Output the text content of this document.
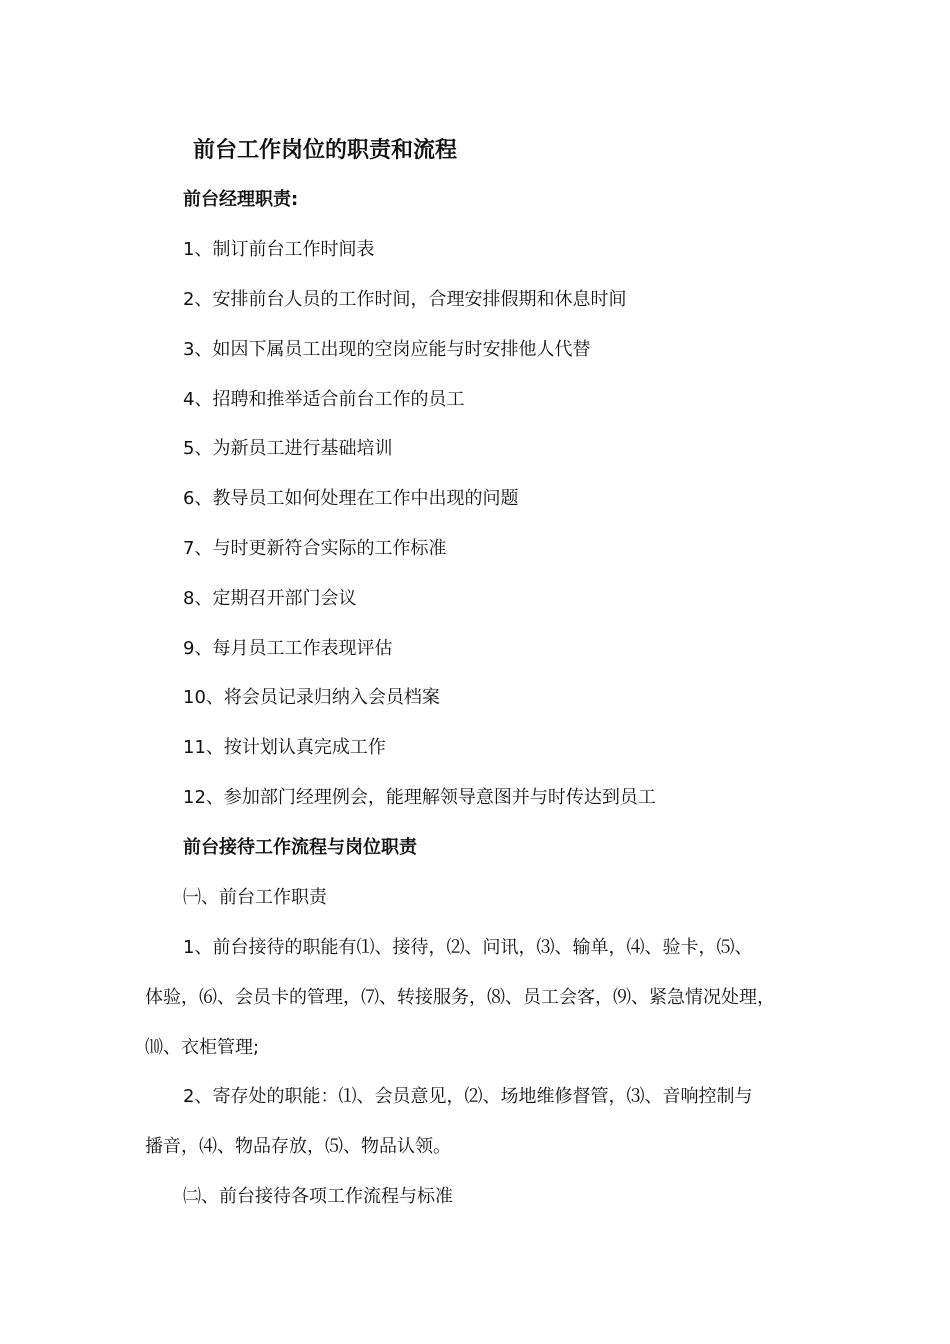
前台工作岗位的职责和流程
前台经理职责:
1、制订前台工作时间表
2、安排前台人员的工作时间，合理安排假期和休息时间
3、如因下属员工出现的空岗应能与时安排他人代替
4、招聘和推举适合前台工作的员工
5、为新员工进行基础培训
6、教导员工如何处理在工作中出现的问题
7、与时更新符合实际的工作标准
8、定期召开部门会议
9、每月员工工作表现评估
10、将会员记录归纳入会员档案
11、按计划认真完成工作
12、参加部门经理例会，能理解领导意图并与时传达到员工
前台接待工作流程与岗位职责
㈠、前台工作职责
1、前台接待的职能有⑴、接待，⑵、问讯，⑶、输单，⑷、验卡，⑸、
体验，⑹、会员卡的管理，⑺、转接服务，⑻、员工会客，⑼、紧急情况处理，
⑽、衣柜管理;
2、寄存处的职能：⑴、会员意见，⑵、场地维修督管，⑶、音响控制与
播音，⑷、物品存放，⑸、物品认领。
㈡、前台接待各项工作流程与标准
